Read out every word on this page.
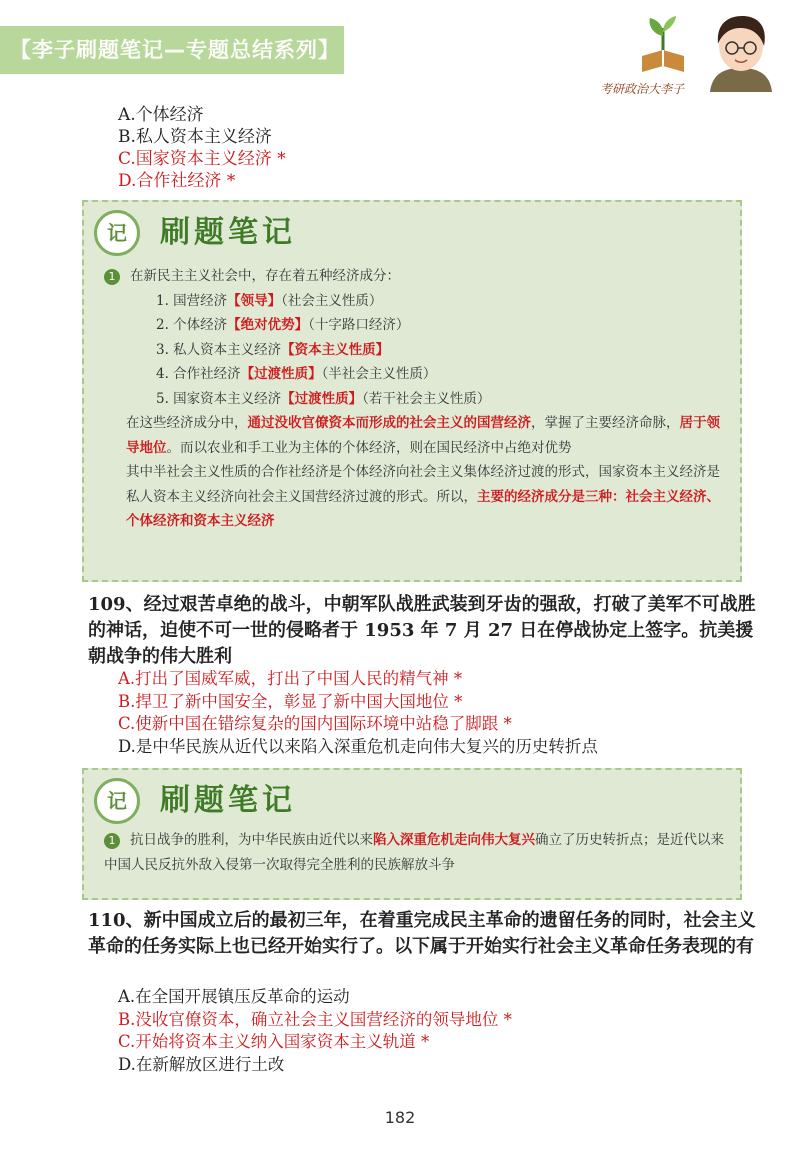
【李子刷题笔记—专题总结系列】
考研政治大李子
A.个体经济
B.私人资本主义经济
C.国家资本主义经济 *
D.合作社经济 *
记	刷题笔记
1 在新民主主义社会中，存在着五种经济成分：
1. 国营经济【领导】（社会主义性质）
2. 个体经济【绝对优势】（十字路口经济）
3. 私人资本主义经济【资本主义性质】
4. 合作社经济【过渡性质】（半社会主义性质）
5. 国家资本主义经济【过渡性质】（若干社会主义性质）
在这些经济成分中，通过没收官僚资本而形成的社会主义的国营经济，掌握了主要经济命脉，居于领导地位。而以农业和手工业为主体的个体经济，则在国民经济中占绝对优势
其中半社会主义性质的合作社经济是个体经济向社会主义集体经济过渡的形式，国家资本主义经济是私人资本主义经济向社会主义国营经济过渡的形式。所以，主要的经济成分是三种：社会主义经济、个体经济和资本主义经济
109、经过艰苦卓绝的战斗，中朝军队战胜武装到牙齿的强敌，打破了美军不可战胜的神话，迫使不可一世的侵略者于 1953 年 7 月 27 日在停战协定上签字。抗美援朝战争的伟大胜利
A.打出了国威军威，打出了中国人民的精气神 *
B.捍卫了新中国安全，彰显了新中国大国地位 *
C.使新中国在错综复杂的国内国际环境中站稳了脚跟 *
D.是中华民族从近代以来陷入深重危机走向伟大复兴的历史转折点
记	刷题笔记
1 抗日战争的胜利，为中华民族由近代以来陷入深重危机走向伟大复兴确立了历史转折点；是近代以来中国人民反抗外敌入侵第一次取得完全胜利的民族解放斗争
110、新中国成立后的最初三年，在着重完成民主革命的遗留任务的同时，社会主义革命的任务实际上也已经开始实行了。以下属于开始实行社会主义革命任务表现的有
A.在全国开展镇压反革命的运动
B.没收官僚资本，确立社会主义国营经济的领导地位 *
C.开始将资本主义纳入国家资本主义轨道 *
D.在新解放区进行土改
182
